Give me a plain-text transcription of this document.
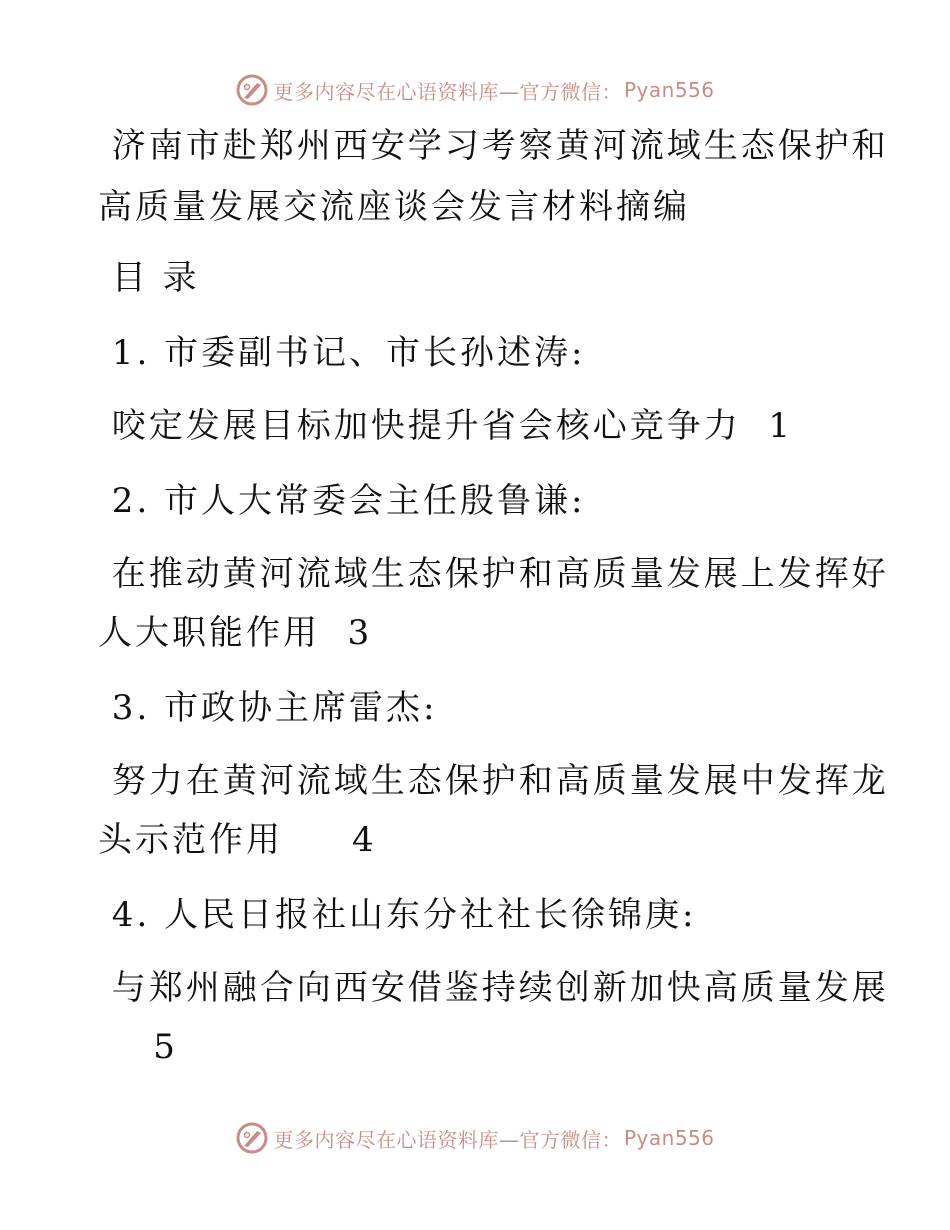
更多内容尽在心语资料库—官方微信： Pyan556
济南市赴郑州西安学习考察黄河流域生态保护和
高质量发展交流座谈会发言材料摘编
目 录
1. 市委副书记、市长孙述涛:
咬定发展目标加快提升省会核心竞争力  1
2. 市人大常委会主任殷鲁谦:
在推动黄河流域生态保护和高质量发展上发挥好
人大职能作用  3
3. 市政协主席雷杰:
努力在黄河流域生态保护和高质量发展中发挥龙
头示范作用     4
4. 人民日报社山东分社社长徐锦庚:
与郑州融合向西安借鉴持续创新加快高质量发展
5
更多内容尽在心语资料库—官方微信： Pyan556
